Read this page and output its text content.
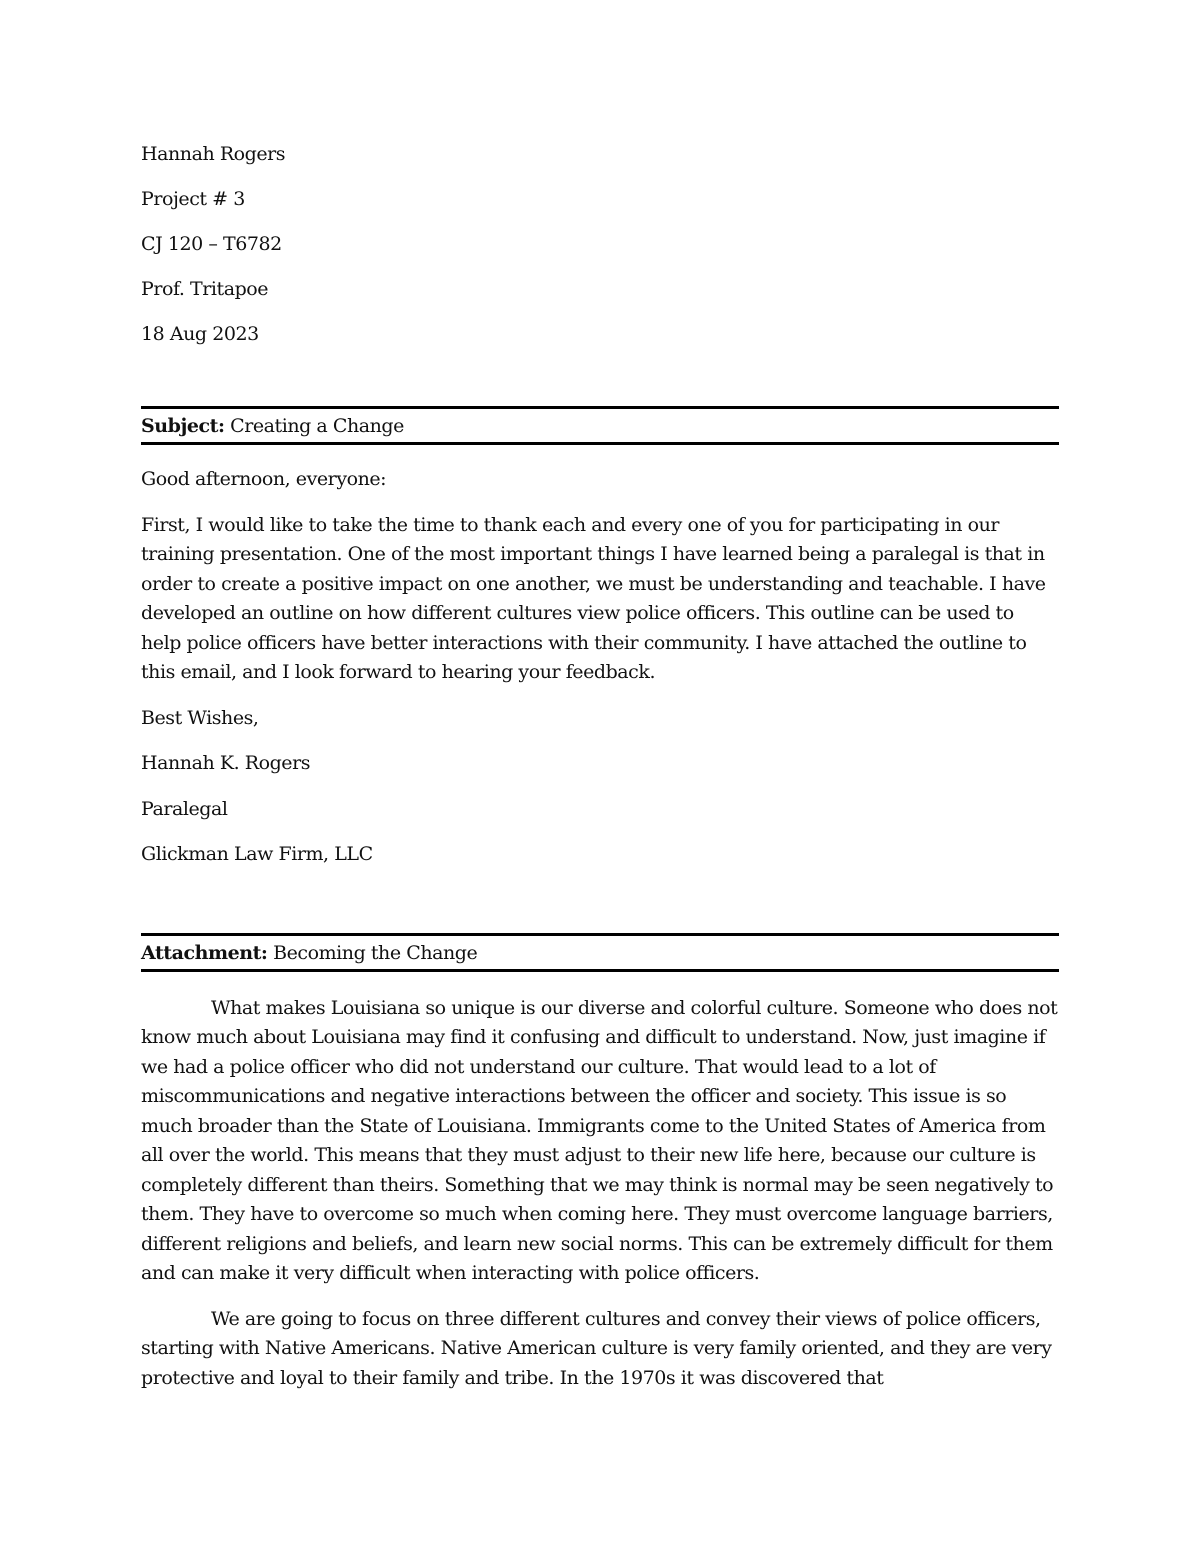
Hannah Rogers
Project # 3
CJ 120 – T6782
Prof. Tritapoe
18 Aug 2023
Subject: Creating a Change

Good afternoon, everyone:

First, I would like to take the time to thank each and every one of you for participating in our training presentation. One of the most important things I have learned being a paralegal is that in order to create a positive impact on one another, we must be understanding and teachable. I have developed an outline on how different cultures view police officers. This outline can be used to help police officers have better interactions with their community. I have attached the outline to this email, and I look forward to hearing your feedback.

Best Wishes,

Hannah K. Rogers

Paralegal

Glickman Law Firm, LLC

Attachment: Becoming the Change

What makes Louisiana so unique is our diverse and colorful culture. Someone who does not know much about Louisiana may find it confusing and difficult to understand. Now, just imagine if we had a police officer who did not understand our culture. That would lead to a lot of miscommunications and negative interactions between the officer and society. This issue is so much broader than the State of Louisiana. Immigrants come to the United States of America from all over the world. This means that they must adjust to their new life here, because our culture is completely different than theirs. Something that we may think is normal may be seen negatively to them. They have to overcome so much when coming here. They must overcome language barriers, different religions and beliefs, and learn new social norms. This can be extremely difficult for them and can make it very difficult when interacting with police officers.

We are going to focus on three different cultures and convey their views of police officers, starting with Native Americans. Native American culture is very family oriented, and they are very protective and loyal to their family and tribe. In the 1970s it was discovered that
